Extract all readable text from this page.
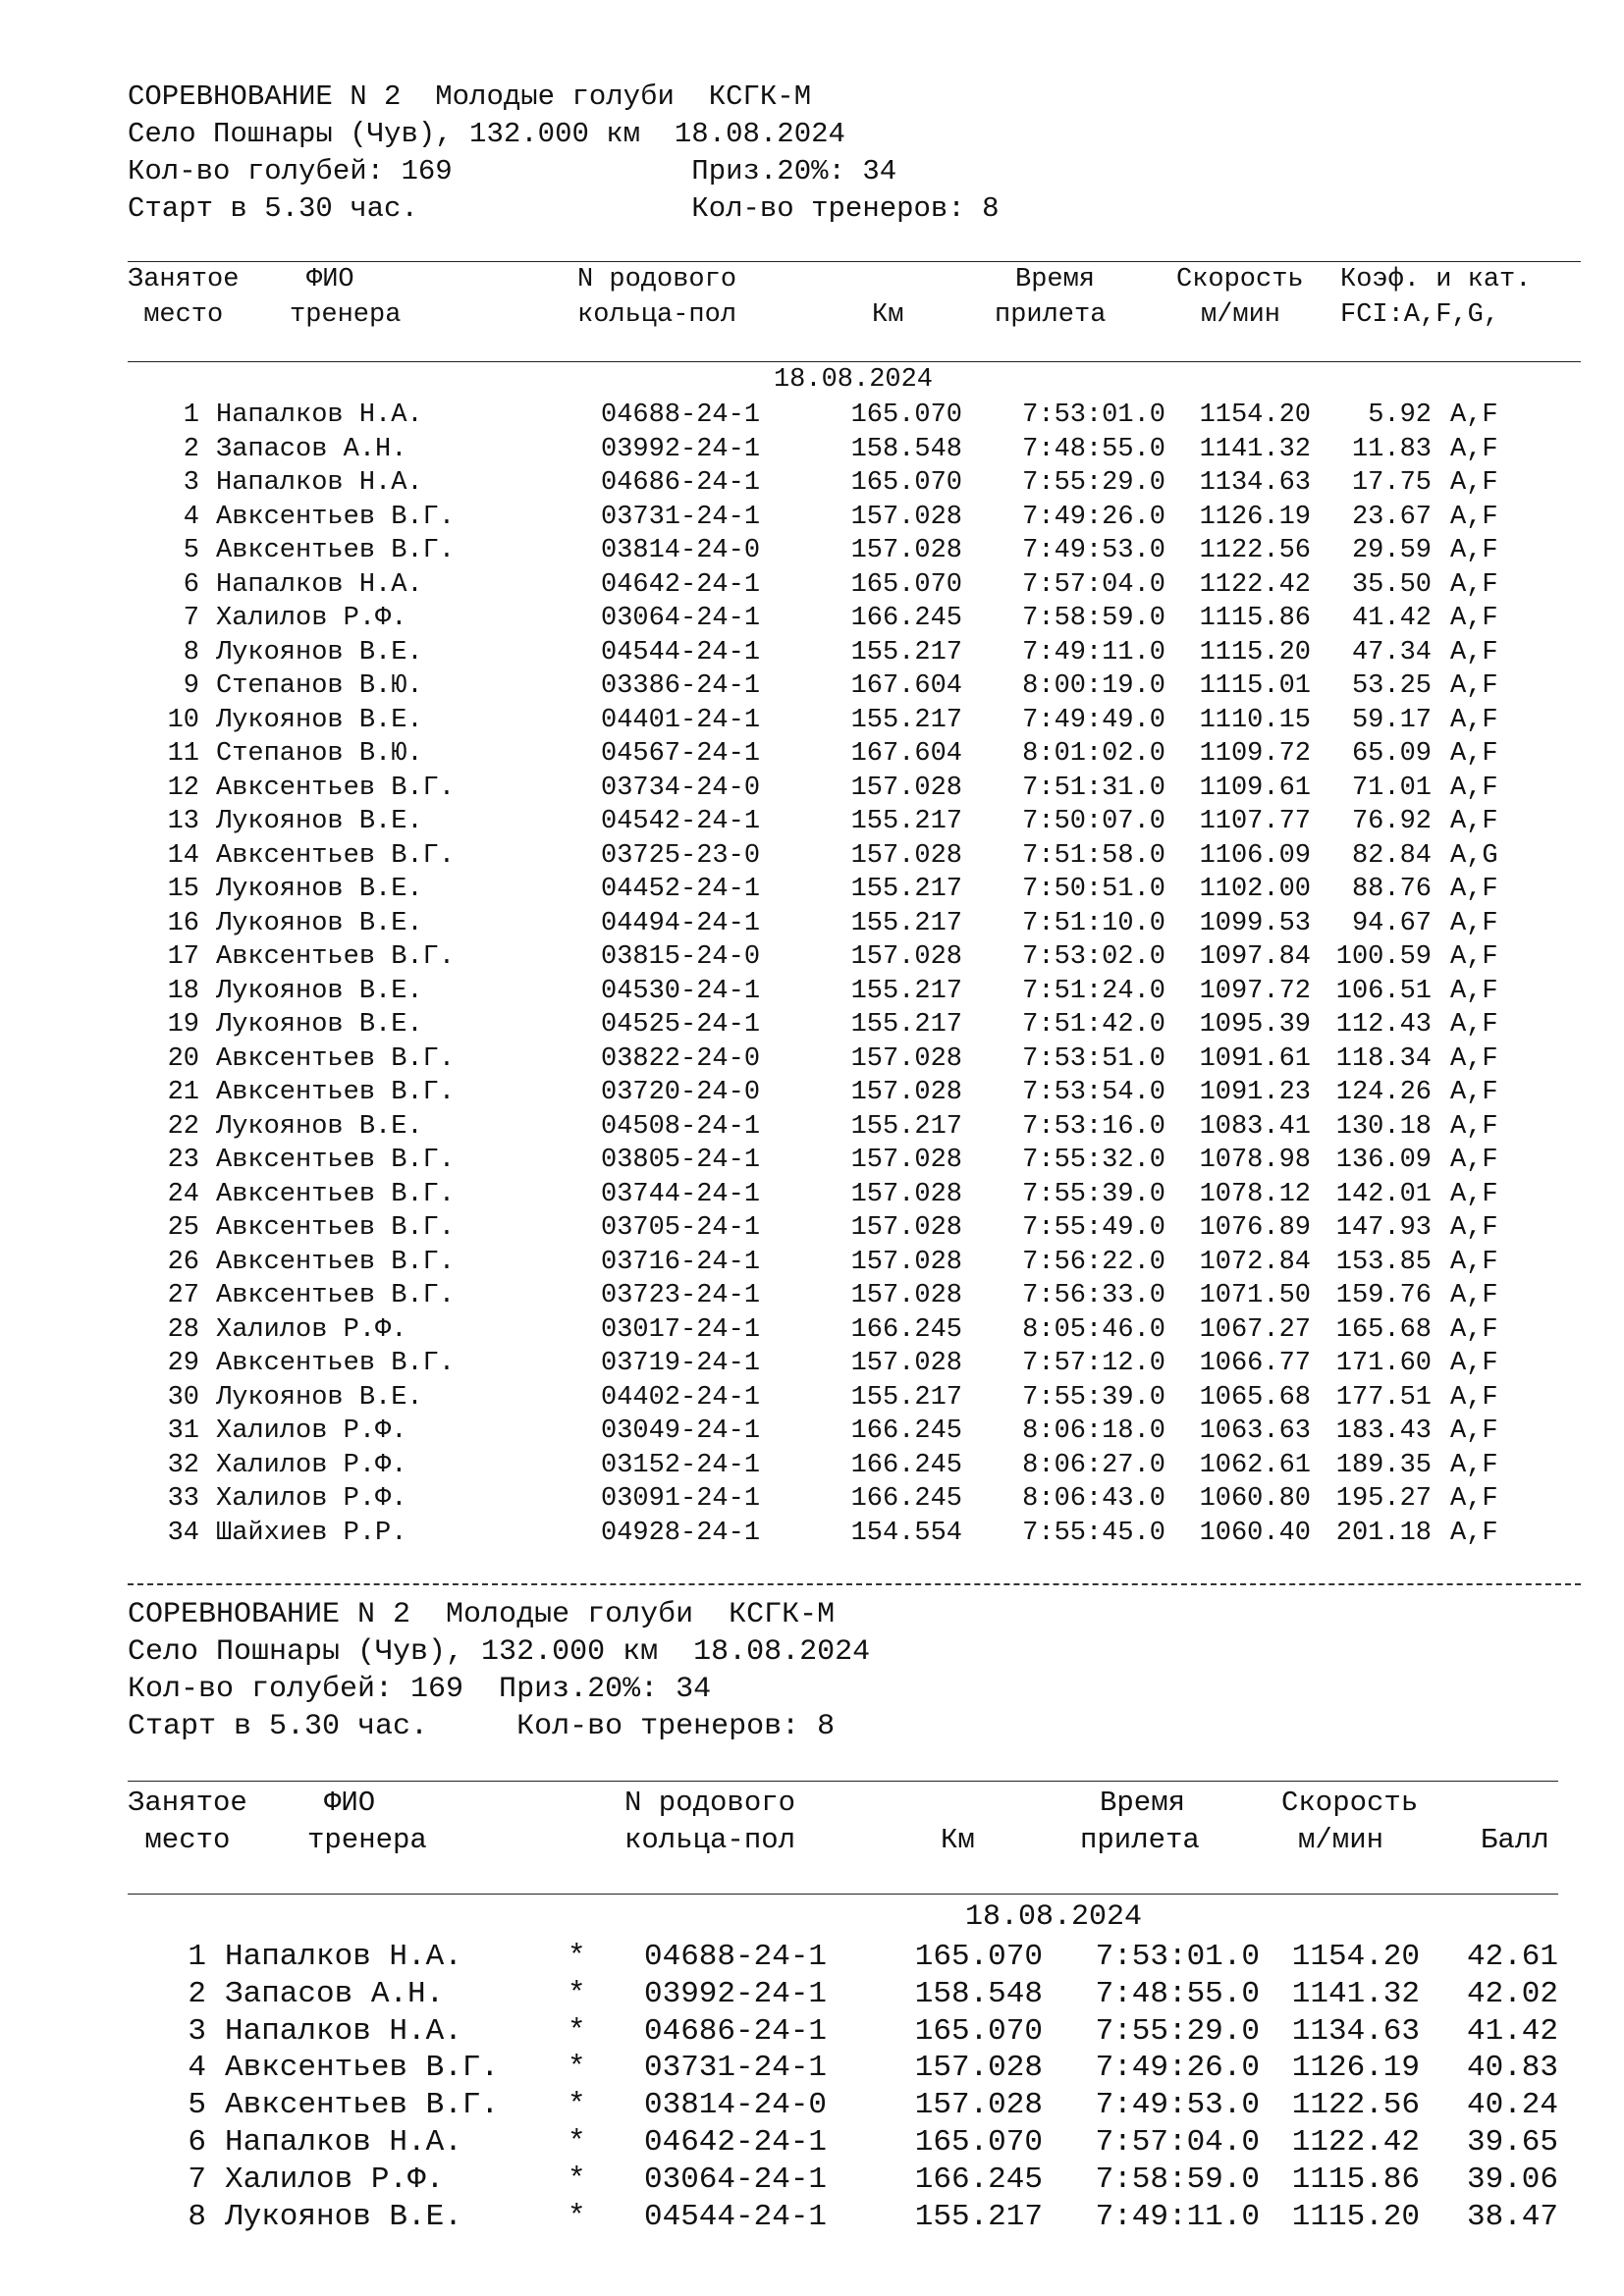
СОРЕВНОВАНИЕ N 2  Молодые голуби  КСГК-М
Село Пошнары (Чув), 132.000 км  18.08.2024
Кол-во голубей: 169              Приз.20%: 34
Старт в 5.30 час.                Кол-во тренеров: 8
Занятое
место
ФИО
тренера
N родового
кольца-пол	Км
Время
прилета
Скорость
м/мин
Коэф. и кат.
FCI:A,F,G,
18.08.2024
1 Напалков Н.А.	04688-24-1	165.070	7:53:01.0	1154.20	5.92 A,F
2 Запасов А.Н.	03992-24-1	158.548	7:48:55.0	1141.32	11.83 A,F
3 Напалков Н.А.	04686-24-1	165.070	7:55:29.0	1134.63	17.75 A,F
4 Авксентьев В.Г.	03731-24-1	157.028	7:49:26.0	1126.19	23.67 A,F
5 Авксентьев В.Г.	03814-24-0	157.028	7:49:53.0	1122.56	29.59 A,F
6 Напалков Н.А.	04642-24-1	165.070	7:57:04.0	1122.42	35.50 A,F
7 Халилов Р.Ф.	03064-24-1	166.245	7:58:59.0	1115.86	41.42 A,F
8 Лукоянов В.Е.	04544-24-1	155.217	7:49:11.0	1115.20	47.34 A,F
9 Степанов В.Ю.	03386-24-1	167.604	8:00:19.0	1115.01	53.25 A,F
10 Лукоянов В.Е.	04401-24-1	155.217	7:49:49.0	1110.15	59.17 A,F
11 Степанов В.Ю.	04567-24-1	167.604	8:01:02.0	1109.72	65.09 A,F
12 Авксентьев В.Г.	03734-24-0	157.028	7:51:31.0	1109.61	71.01 A,F
13 Лукоянов В.Е.	04542-24-1	155.217	7:50:07.0	1107.77	76.92 A,F
14 Авксентьев В.Г.	03725-23-0	157.028	7:51:58.0	1106.09	82.84 A,G
15 Лукоянов В.Е.	04452-24-1	155.217	7:50:51.0	1102.00	88.76 A,F
16 Лукоянов В.Е.	04494-24-1	155.217	7:51:10.0	1099.53	94.67 A,F
17 Авксентьев В.Г.	03815-24-0	157.028	7:53:02.0	1097.84 100.59 A,F
18 Лукоянов В.Е.	04530-24-1	155.217	7:51:24.0	1097.72 106.51 A,F
19 Лукоянов В.Е.	04525-24-1	155.217	7:51:42.0	1095.39 112.43 A,F
20 Авксентьев В.Г.	03822-24-0	157.028	7:53:51.0	1091.61 118.34 A,F
21 Авксентьев В.Г.	03720-24-0	157.028	7:53:54.0	1091.23 124.26 A,F
22 Лукоянов В.Е.	04508-24-1	155.217	7:53:16.0	1083.41 130.18 A,F
23 Авксентьев В.Г.	03805-24-1	157.028	7:55:32.0	1078.98 136.09 A,F
24 Авксентьев В.Г.	03744-24-1	157.028	7:55:39.0	1078.12 142.01 A,F
25 Авксентьев В.Г.	03705-24-1	157.028	7:55:49.0	1076.89 147.93 A,F
26 Авксентьев В.Г.	03716-24-1	157.028	7:56:22.0	1072.84 153.85 A,F
27 Авксентьев В.Г.	03723-24-1	157.028	7:56:33.0	1071.50 159.76 A,F
28 Халилов Р.Ф.	03017-24-1	166.245	8:05:46.0	1067.27 165.68 A,F
29 Авксентьев В.Г.	03719-24-1	157.028	7:57:12.0	1066.77 171.60 A,F
30 Лукоянов В.Е.	04402-24-1	155.217	7:55:39.0	1065.68 177.51 A,F
31 Халилов Р.Ф.	03049-24-1	166.245	8:06:18.0	1063.63 183.43 A,F
32 Халилов Р.Ф.	03152-24-1	166.245	8:06:27.0	1062.61 189.35 A,F
33 Халилов Р.Ф.	03091-24-1	166.245	8:06:43.0	1060.80 195.27 A,F
34 Шайхиев Р.Р.	04928-24-1	154.554	7:55:45.0	1060.40 201.18 A,F
СОРЕВНОВАНИЕ N 2  Молодые голуби  КСГК-М
Село Пошнары (Чув), 132.000 км  18.08.2024
Кол-во голубей: 169  Приз.20%: 34
Старт в 5.30 час.     Кол-во тренеров: 8
Занятое
место
ФИО
тренера
N родового
кольца-пол	Км
Время
прилета
Скорость
м/мин	Балл
18.08.2024
1 Напалков Н.А.	* 04688-24-1	165.070	7:53:01.0	1154.20	42.61
2 Запасов А.Н.	* 03992-24-1	158.548	7:48:55.0	1141.32	42.02
3 Напалков Н.А.	* 04686-24-1	165.070	7:55:29.0	1134.63	41.42
4 Авксентьев В.Г. * 03731-24-1	157.028	7:49:26.0	1126.19	40.83
5 Авксентьев В.Г. * 03814-24-0	157.028	7:49:53.0	1122.56	40.24
6 Напалков Н.А.	* 04642-24-1	165.070	7:57:04.0	1122.42	39.65
7 Халилов Р.Ф.	* 03064-24-1	166.245	7:58:59.0	1115.86	39.06
8 Лукоянов В.Е.	* 04544-24-1	155.217	7:49:11.0	1115.20	38.47
